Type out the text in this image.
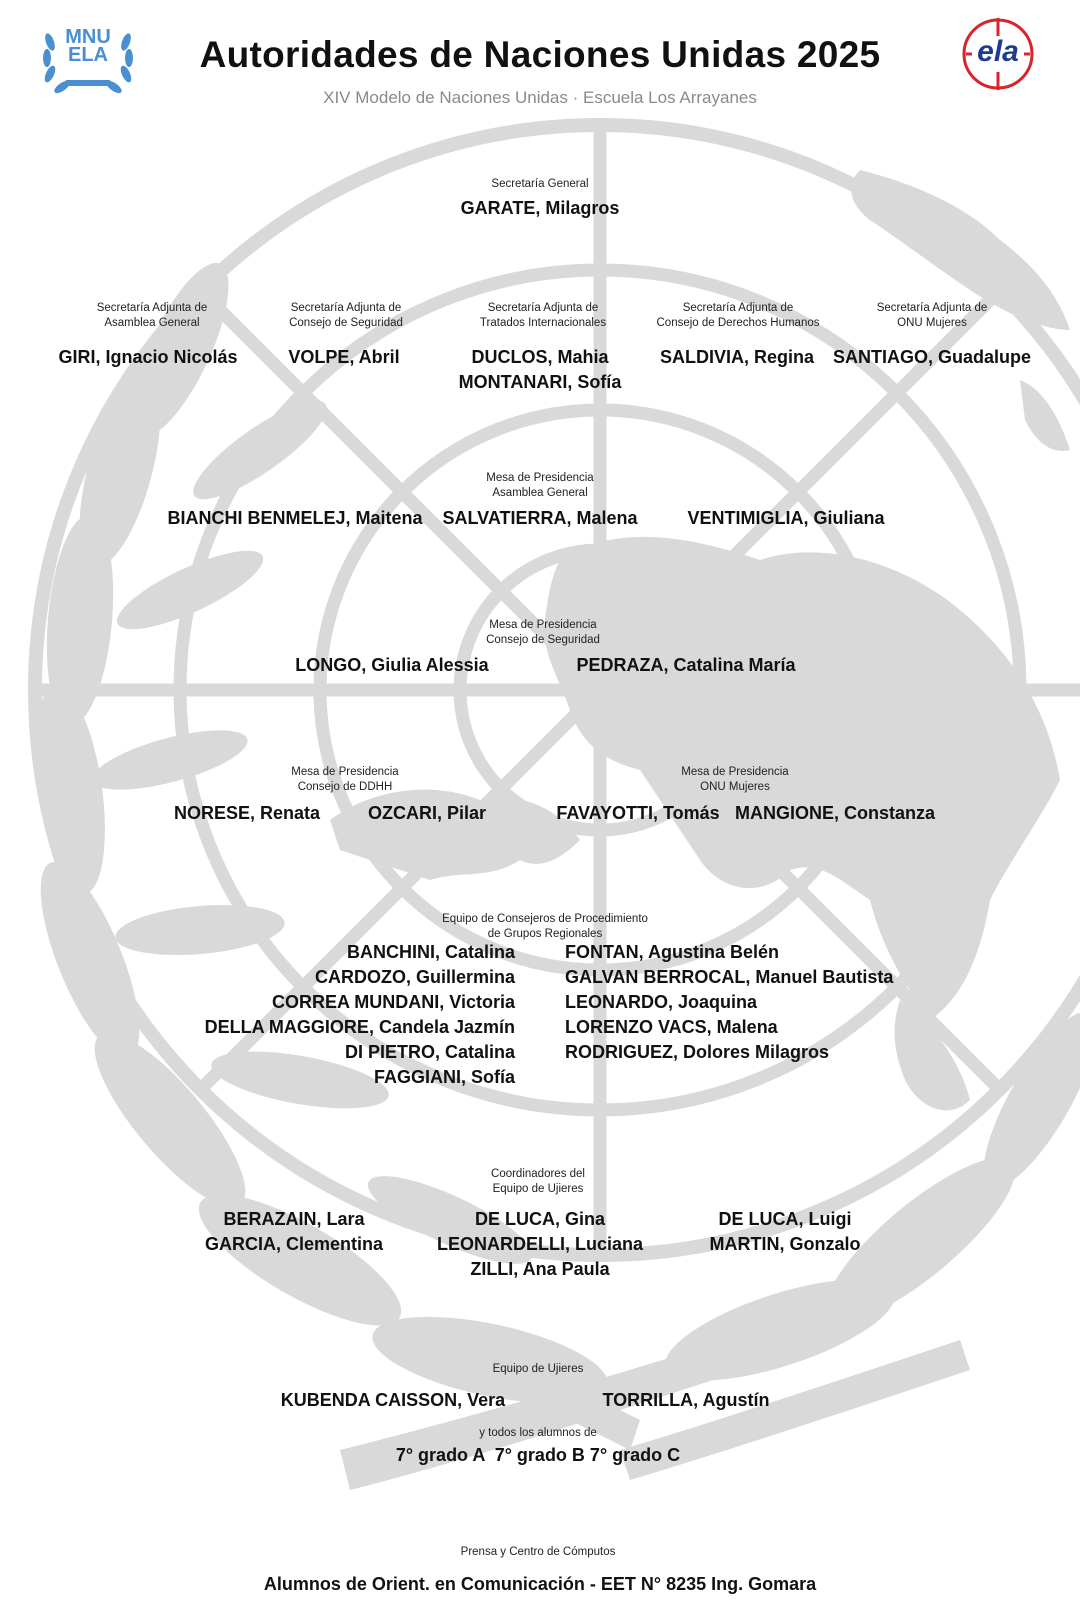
MNU
ELA	ela
Autoridades de Naciones Unidas 2025
XIV Modelo de Naciones Unidas · Escuela Los Arrayanes
Secretaría General
GARATE, Milagros
Secretaría Adjunta de
Asamblea General
GIRI, Ignacio Nicolás
Secretaría Adjunta de
Consejo de Seguridad
VOLPE, Abril
Secretaría Adjunta de
Tratados Internacionales
DUCLOS, Mahia
MONTANARI, Sofía
Secretaría Adjunta de
Consejo de Derechos Humanos
SALDIVIA, Regina
Secretaría Adjunta de
ONU Mujeres
SANTIAGO, Guadalupe
Mesa de Presidencia
Asamblea General
BIANCHI BENMELEJ, Maitena SALVATIERRA, Malena	VENTIMIGLIA, Giuliana
Mesa de Presidencia
Consejo de Seguridad
LONGO, Giulia Alessia	PEDRAZA, Catalina María
Mesa de Presidencia
Consejo de DDHH
NORESE, Renata	OZCARI, Pilar
Mesa de Presidencia
ONU Mujeres
FAVAYOTTI, Tomás MANGIONE, Constanza
Equipo de Consejeros de Procedimiento
de Grupos Regionales
BANCHINI, Catalina
CARDOZO, Guillermina
CORREA MUNDANI, Victoria
DELLA MAGGIORE, Candela Jazmín
DI PIETRO, Catalina
FAGGIANI, Sofía
FONTAN, Agustina Belén
GALVAN BERROCAL, Manuel Bautista
LEONARDO, Joaquina
LORENZO VACS, Malena
RODRIGUEZ, Dolores Milagros
Coordinadores del
Equipo de Ujieres
BERAZAIN, Lara
GARCIA, Clementina
DE LUCA, Gina
LEONARDELLI, Luciana
ZILLI, Ana Paula
DE LUCA, Luigi
MARTIN, Gonzalo
Equipo de Ujieres
KUBENDA CAISSON, Vera	TORRILLA, Agustín
y todos los alumnos de
7° grado A  7° grado B 7° grado C
Prensa y Centro de Cómputos
Alumnos de Orient. en Comunicación - EET N° 8235 Ing. Gomara
